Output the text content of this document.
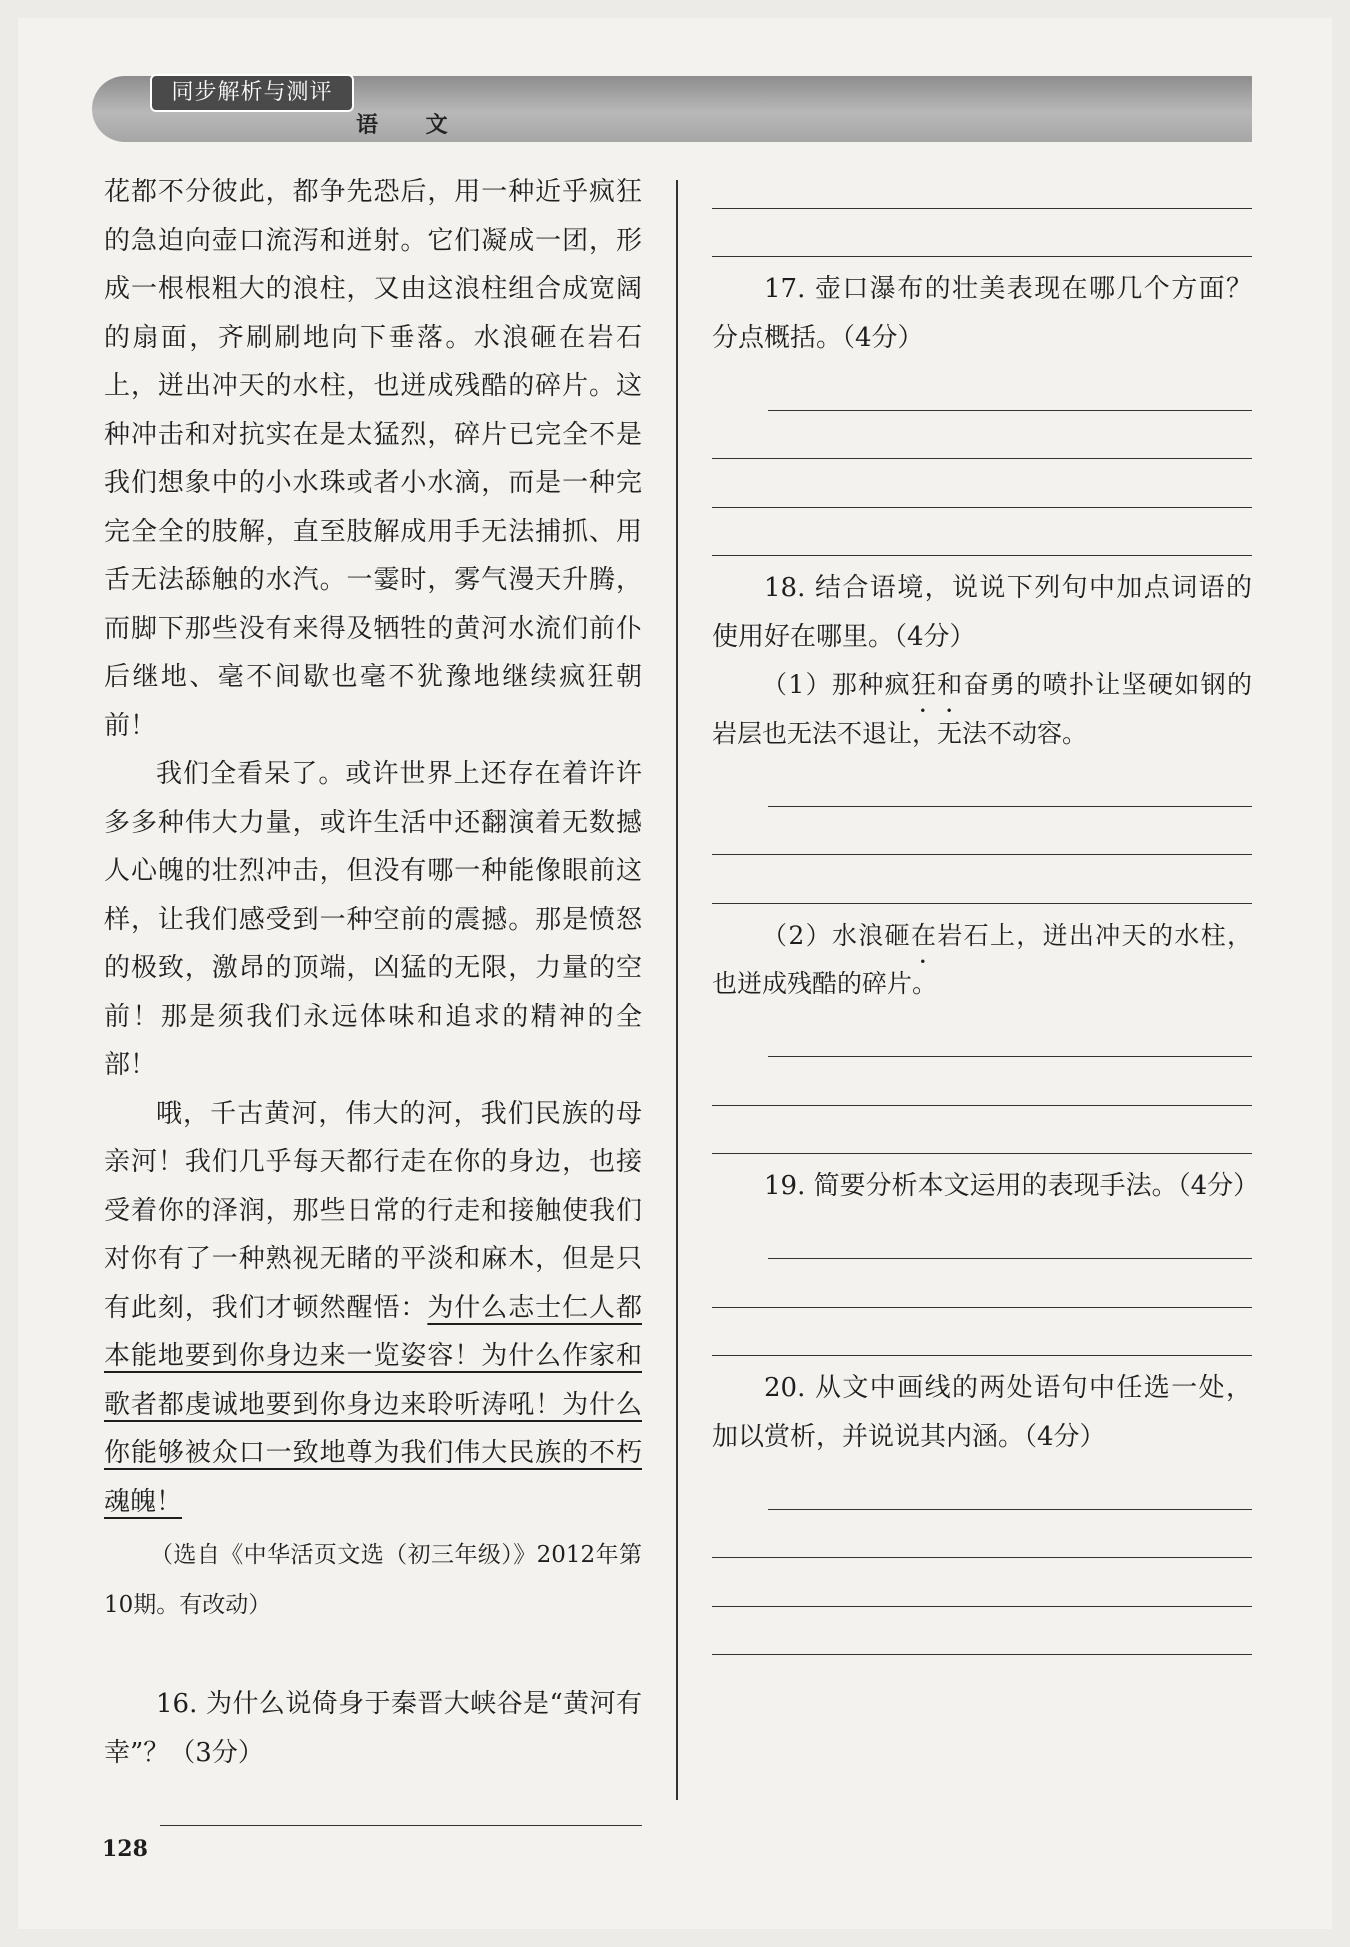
同步解析与测评
语 文

花都不分彼此，都争先恐后，用一种近乎疯狂的急迫向壶口流泻和迸射。它们凝成一团，形成一根根粗大的浪柱，又由这浪柱组合成宽阔的扇面，齐刷刷地向下垂落。水浪砸在岩石上，迸出冲天的水柱，也迸成残酷的碎片。这种冲击和对抗实在是太猛烈，碎片已完全不是我们想象中的小水珠或者小水滴，而是一种完完全全的肢解，直至肢解成用手无法捕抓、用舌无法舔触的水汽。一霎时，雾气漫天升腾，而脚下那些没有来得及牺牲的黄河水流们前仆后继地、毫不间歇也毫不犹豫地继续疯狂朝前！

我们全看呆了。或许世界上还存在着许许多多种伟大力量，或许生活中还翻演着无数撼人心魄的壮烈冲击，但没有哪一种能像眼前这样，让我们感受到一种空前的震撼。那是愤怒的极致，激昂的顶端，凶猛的无限，力量的空前！那是须我们永远体味和追求的精神的全部！

哦，千古黄河，伟大的河，我们民族的母亲河！我们几乎每天都行走在你的身边，也接受着你的泽润，那些日常的行走和接触使我们对你有了一种熟视无睹的平淡和麻木，但是只有此刻，我们才顿然醒悟：为什么志士仁人都本能地要到你身边来一览姿容！为什么作家和歌者都虔诚地要到你身边来聆听涛吼！为什么你能够被众口一致地尊为我们伟大民族的不朽魂魄！

（选自《中华活页文选（初三年级）》2012年第10期。有改动）

16. 为什么说倚身于秦晋大峡谷是“黄河有幸”？（3分）

17. 壶口瀑布的壮美表现在哪几个方面？分点概括。（4分）

18. 结合语境，说说下列句中加点词语的使用好在哪里。（4分）

（1）那种疯狂和奋勇的喷扑让坚硬如钢的岩层也无法不退让，无法不动容。

（2）水浪砸在岩石上，迸出冲天的水柱，也迸成残酷的碎片。

19. 简要分析本文运用的表现手法。（4分）

20. 从文中画线的两处语句中任选一处，加以赏析，并说说其内涵。（4分）

128
